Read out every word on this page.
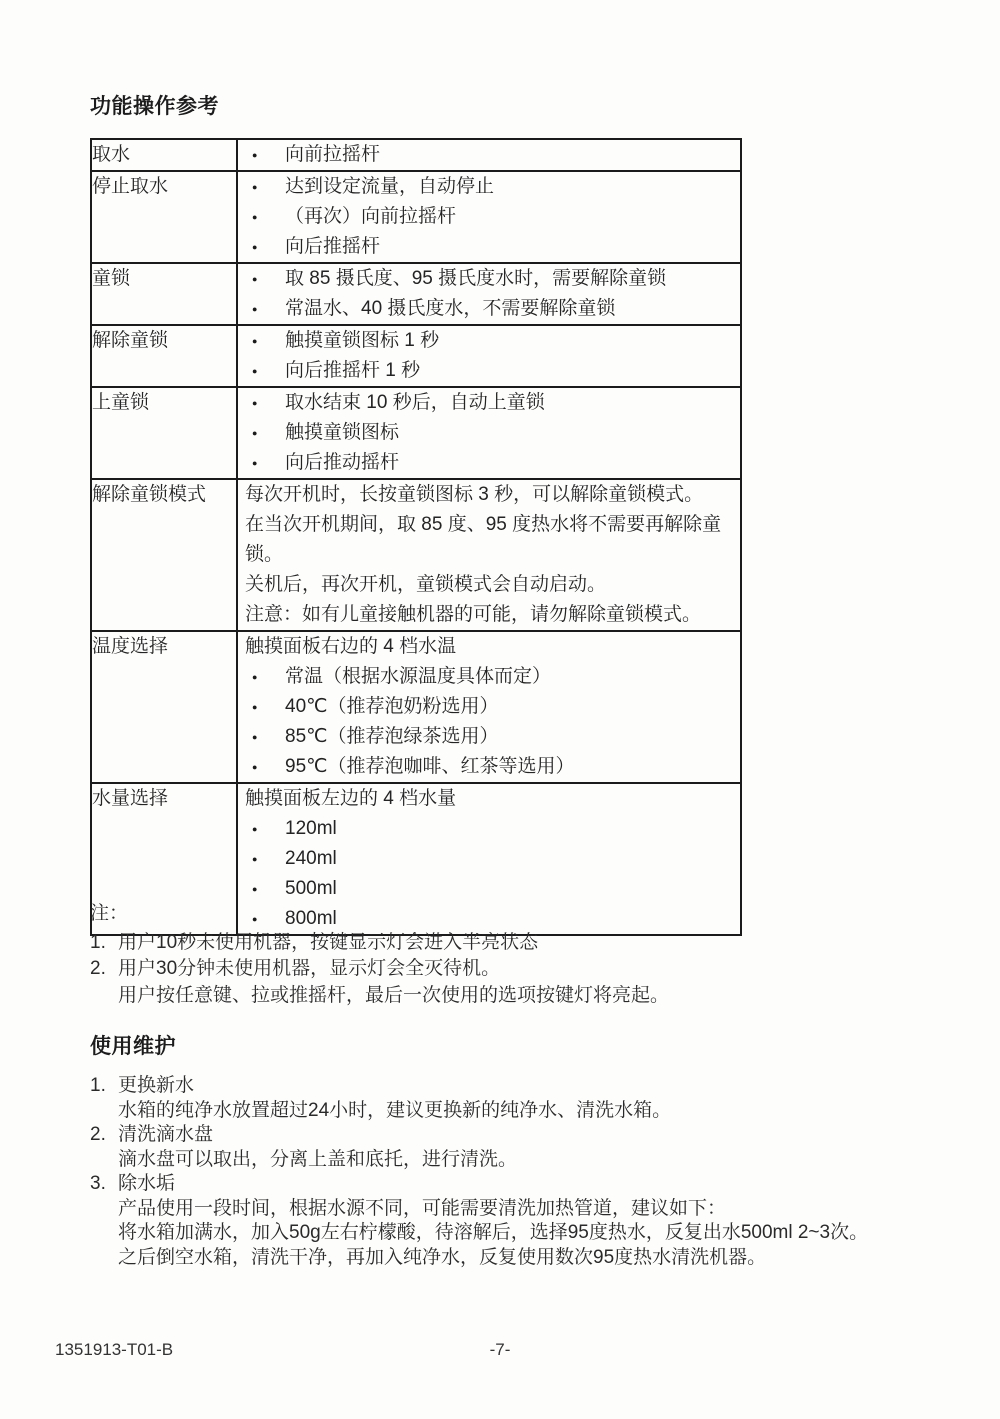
功能操作参考
取水	● 向前拉摇杆

停止取水	●	达到设定流量，自动停止
●	（再次）向前拉摇杆
●	向后推摇杆

童锁	● 取 85 摄氏度、95 摄氏度水时，需要解除童锁
● 常温水、40 摄氏度水，不需要解除童锁

解除童锁	● 触摸童锁图标 1 秒
● 向后推摇杆 1 秒

上童锁	●	取水结束 10 秒后，自动上童锁
●	触摸童锁图标
●	向后推动摇杆

解除童锁模式	每次开机时，长按童锁图标 3 秒，可以解除童锁模式。
在当次开机期间，取 85 度、95 度热水将不需要再解除童锁。
关机后，再次开机，童锁模式会自动启动。
注意：如有儿童接触机器的可能，请勿解除童锁模式。

温度选择	触摸面板右边的 4 档水温
●	常温（根据水源温度具体而定）
●	40℃（推荐泡奶粉选用）
●	85℃（推荐泡绿茶选用）
●	95℃（推荐泡咖啡、红茶等选用）

水量选择	触摸面板左边的 4 档水量
●	120ml
●	240ml
●	500ml
●	800ml
注：
1. 用户10秒未使用机器，按键显示灯会进入半亮状态
2. 用户30分钟未使用机器，显示灯会全灭待机。
用户按任意键、拉或推摇杆，最后一次使用的选项按键灯将亮起。
使用维护
1. 更换新水
水箱的纯净水放置超过24小时，建议更换新的纯净水、清洗水箱。
2. 清洗滴水盘
滴水盘可以取出，分离上盖和底托，进行清洗。
3. 除水垢
产品使用一段时间，根据水源不同，可能需要清洗加热管道，建议如下：
将水箱加满水，加入50g左右柠檬酸，待溶解后，选择95度热水，反复出水500ml 2~3次。
之后倒空水箱，清洗干净，再加入纯净水，反复使用数次95度热水清洗机器。
1351913-T01-B	-7-
